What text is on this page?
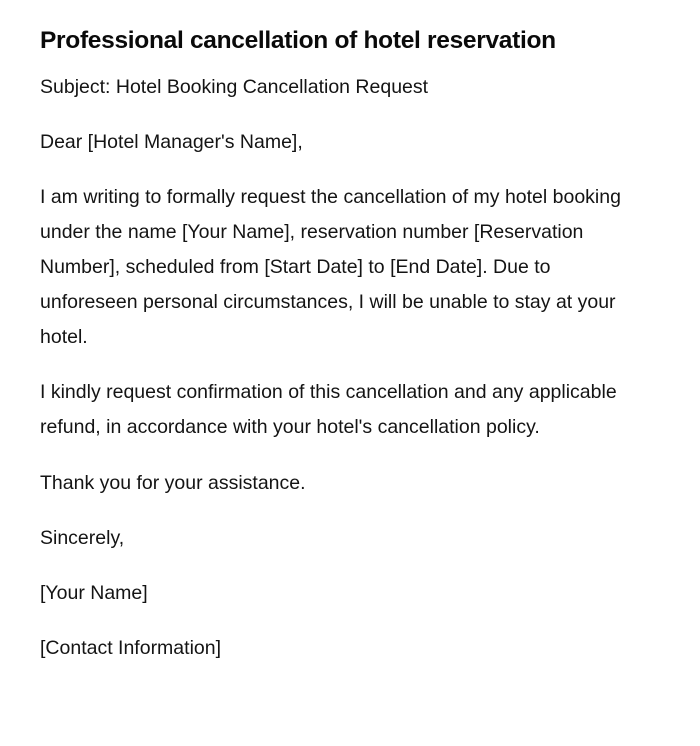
Professional cancellation of hotel reservation

Subject: Hotel Booking Cancellation Request

Dear [Hotel Manager's Name],

I am writing to formally request the cancellation of my hotel booking under the name [Your Name], reservation number [Reservation Number], scheduled from [Start Date] to [End Date]. Due to unforeseen personal circumstances, I will be unable to stay at your hotel.

I kindly request confirmation of this cancellation and any applicable refund, in accordance with your hotel's cancellation policy.

Thank you for your assistance.

Sincerely,

[Your Name]

[Contact Information]
